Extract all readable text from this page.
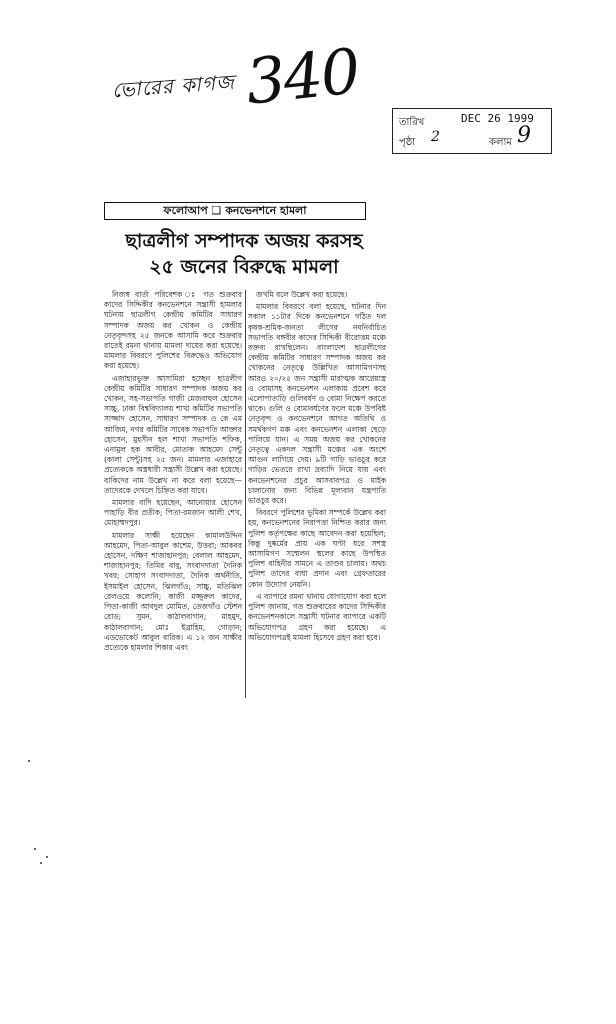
ভোরের কাগজ 340
তারিখ	DEC 26 1999
পৃষ্ঠা 2	কলাম 9
ফলোআপ ❑ কনভেনশনে হামলা
ছাত্রলীগ সম্পাদক অজয় করসহ
২৫ জনের বিরুদ্ধে মামলা

নিজস্ব বার্তা পরিবেশক ঃ গত শুক্রবার কাদের সিদ্দিকীর কনভেনশনে সন্ত্রাসী হামলার ঘটনায় ছাত্রলীগ কেন্দ্রীয় কমিটির সাধারণ সম্পাদক অজয় কর খোকন ও কেন্দ্রীয় নেতৃবৃন্দসহ ২৫ জনকে আসামি করে শুক্রবার রাতেই রমনা থানায় মামলা দায়ের করা হয়েছে। মামলার বিবরণে পুলিশের বিরুদ্ধেও অভিযোগ করা হয়েছে।

এজাহারভুক্ত আসামিরা হচ্ছেন ছাত্রলীগ কেন্দ্রীয় কমিটির সাধারণ সম্পাদক অজয় কর খোকন, সহ-সভাপতি গাজী মেজবাহুল হোসেন সাচ্চু, ঢাকা বিশ্ববিদ্যালয় শাখা কমিটির সভাপতি সাজ্জাদ হোসেন, সাধারণ সম্পাদক ও কে এম আজিম, নগর কমিটির সাবেক সভাপতি আক্তার হোসেন, মুহসীন হল শাখা সভাপতি শফিক, এনামুল হক আবীর, মোতাক আহমেদ সেন্টু (কালা সেন্টু)সহ ২৫ জন। মামলার এজাহারে প্রত্যেককে অস্ত্রধারী সন্ত্রাসী উল্লেখ করা হয়েছে। বাকিদের নাম উল্লেখ না করে বলা হয়েছে—তাদেরকে দেখলে চিহ্নিত করা যাবে।

মামলার বাদি হয়েছেন, আনোয়ার হোসেন পাহাড়ি বীর প্রতীক; পিতা-রমজান আলী শেখ, মোহাম্মদপুর।

মামলার সাক্ষী হয়েছেন কামালউদ্দিন আহমেদ, পিতা-আবুল কাশেম, উত্তরা; আকবর হোসেন, দক্ষিণ শাজাহানপুর; বেলাল আহমেদ, শাজাহানপুর; তিমির বাবু, সংবাদদাতা দৈনিক খবর; সোহাগ সংবাদদাতা, দৈনিক অর্থনীতি, ইসমাইল হোসেন, ঝিলগাঁও; সাচ্চু, মতিঝিল রেলওয়ে কলোনি; কাজী মজ্জুরুল কাদের, পিতা-কাজী আবদুল মোমিত, তেজগাঁও স্টেশন রোড; সুমন, কাঠালবাগান; মাহমুদ, কাঠালবাগান; মোঃ ইব্রাহিম, গোড়ান; এডভোকেট আবুল বারিক। এ ১২ জন সাক্ষীর প্রত্যেকে হামলার শিকার এবং

জখমি বলে উল্লেখ করা হয়েছে।

মামলার বিবরণে বলা হয়েছে, ঘটনার দিন সকাল ১১টার দিকে কনভেনশনে গঠিত দল কৃষক-শ্রমিক-জনতা লীগের নবনির্বাচিত সভাপতি বঙ্গবীর কাদের সিদ্দিকী বীরোত্তম মঞ্চে বক্তব্য রাখছিলেন। বাংলাদেশ ছাত্রলীগের কেন্দ্রীয় কমিটির সাধারণ সম্পাদক অজয় কর খোকনের নেতৃত্বে উল্লিখিত আসামিগণসহ আরও ২০/২৫ জন সন্ত্রাসী মারাত্মক আগ্নেয়াস্ত্র ও বোমাসহ কনভেনশন এলাকায় প্রবেশ করে এলোপাতাড়ি গুলিবর্ষণ ও বোমা নিক্ষেপ করতে থাকে। গুলি ও বোমাবর্ষণের ফলে মঞ্চে উপবিষ্ট নেতৃবৃন্দ ও কনভেনশনে আগত অতিথি ও সমর্থকগণ মঞ্চ এবং কনভেনশন এলাকা ছেড়ে পালিয়ে যান। এ সময় অজয় কর খোকনের নেতৃত্বে একদল সন্ত্রাসী মঞ্চের এক অংশে আগুন লাগিয়ে দেয়। ৯টি গাড়ি ভাঙচুর করে গাড়ির ভেতরে রাখা দ্রব্যাদি নিয়ে যায় এবং কনভেনশনের প্রচুর আসবাবপত্র ও মাইক চালানোর জন্য বিভিন্ন মূল্যবান যন্ত্রপাতি ভাঙচুর করে।

বিবরণে পুলিশের ভূমিকা সম্পর্কে উল্লেখ করা হয়, কনভেনশনের নিরাপত্তা নিশ্চিত করার জন্য পুলিশ কর্তৃপক্ষের কাছে আবেদন করা হয়েছিল; কিন্তু দুষ্কর্মের প্রায় এক ঘণ্টা ধরে সশস্ত্র আসামিগণ সম্মেলন স্থলের কাছে উপস্থিত পুলিশ বাহিনীর সামনে এ তাণ্ডব চালায়। অথচ পুলিশ তাদের বাধা প্রদান এবং গ্রেফতারের কোন উদ্যোগ নেয়নি।

এ ব্যাপারে রমনা থানায় যোগাযোগ করা হলে পুলিশ জানায়, গত শুক্রবারের কাদের সিদ্দিকীর কনভেনশনকালে সন্ত্রাসী ঘটনার ব্যাপারে একটি অভিযোগপত্র গ্রহণ করা হয়েছে। এ অভিযোগপত্রই মামলা হিসেবে গ্রহণ করা হবে।
